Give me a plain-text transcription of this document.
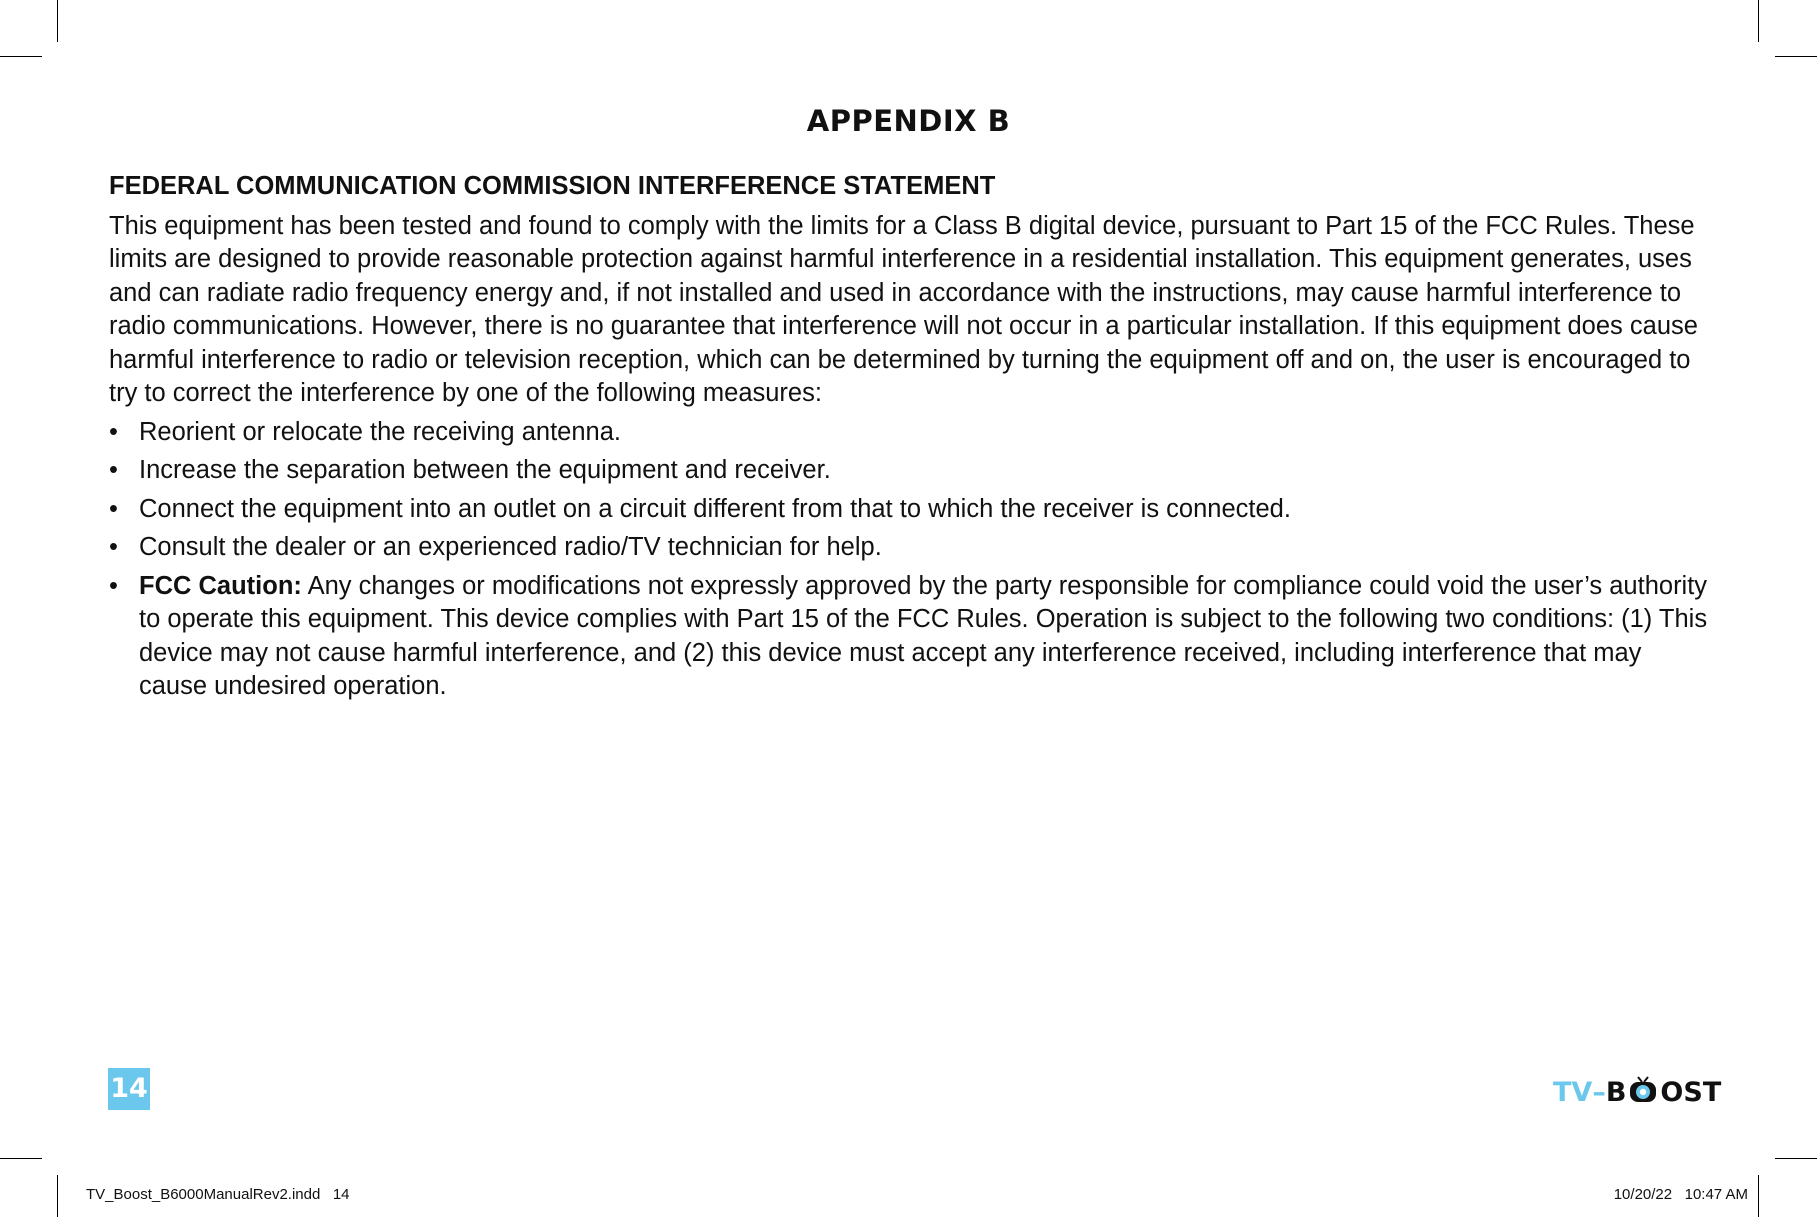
APPENDIX B
FEDERAL COMMUNICATION COMMISSION INTERFERENCE STATEMENT

This equipment has been tested and found to comply with the limits for a Class B digital device, pursuant to Part 15 of the FCC Rules. These limits are designed to provide reasonable protection against harmful interference in a residential installation. This equipment generates, uses and can radiate radio frequency energy and, if not installed and used in accordance with the instructions, may cause harmful interference to radio communications. However, there is no guarantee that interference will not occur in a particular installation. If this equipment does cause harmful interference to radio or television reception, which can be determined by turning the equipment off and on, the user is encouraged to try to correct the interference by one of the following measures:

• Reorient or relocate the receiving antenna.
• Increase the separation between the equipment and receiver.
• Connect the equipment into an outlet on a circuit different from that to which the receiver is connected.
• Consult the dealer or an experienced radio/TV technician for help.
• FCC Caution: Any changes or modifications not expressly approved by the party responsible for compliance could void the user’s authority to operate this equipment. This device complies with Part 15 of the FCC Rules. Operation is subject to the following two conditions: (1) This device may not cause harmful interference, and (2) this device must accept any interference received, including interference that may cause undesired operation.
14	TV– B OST
TV_Boost_B6000ManualRev2.indd   14	10/20/22   10:47 AM
